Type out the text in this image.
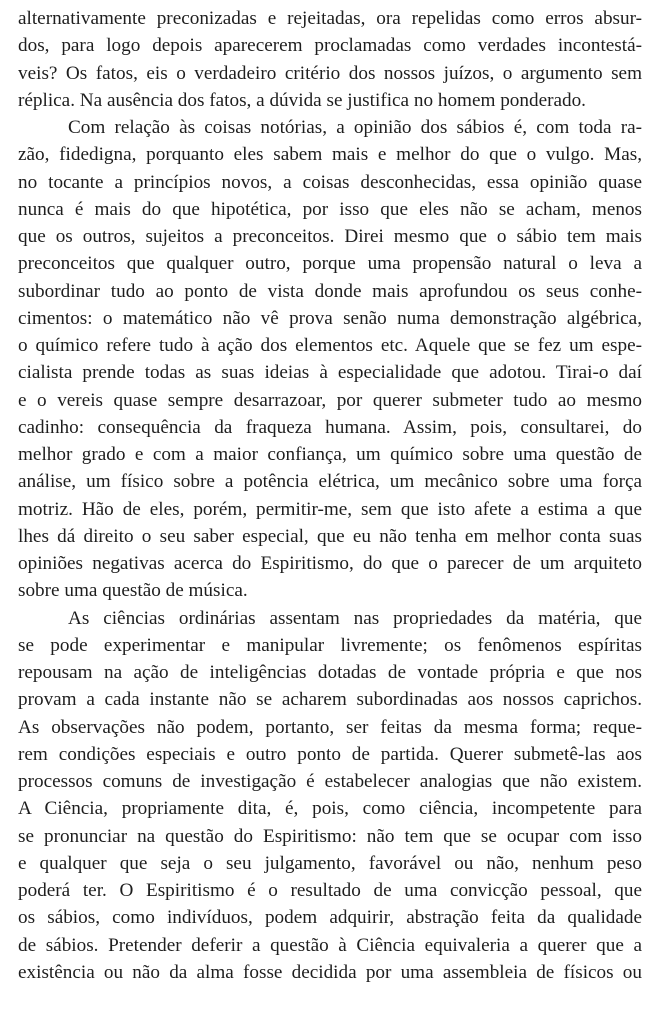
alternativamente preconizadas e rejeitadas, ora repelidas como erros absur-
dos, para logo depois aparecerem proclamadas como verdades incontestá-
veis? Os fatos, eis o verdadeiro critério dos nossos juízos, o argumento sem
réplica. Na ausência dos fatos, a dúvida se justifica no homem ponderado.
Com relação às coisas notórias, a opinião dos sábios é, com toda ra-
zão, fidedigna, porquanto eles sabem mais e melhor do que o vulgo. Mas,
no tocante a princípios novos, a coisas desconhecidas, essa opinião quase
nunca é mais do que hipotética, por isso que eles não se acham, menos
que os outros, sujeitos a preconceitos. Direi mesmo que o sábio tem mais
preconceitos que qualquer outro, porque uma propensão natural o leva a
subordinar tudo ao ponto de vista donde mais aprofundou os seus conhe-
cimentos: o matemático não vê prova senão numa demonstração algébrica,
o químico refere tudo à ação dos elementos etc. Aquele que se fez um espe-
cialista prende todas as suas ideias à especialidade que adotou. Tirai-o daí
e o vereis quase sempre desarrazoar, por querer submeter tudo ao mesmo
cadinho: consequência da fraqueza humana. Assim, pois, consultarei, do
melhor grado e com a maior confiança, um químico sobre uma questão de
análise, um físico sobre a potência elétrica, um mecânico sobre uma força
motriz. Hão de eles, porém, permitir-me, sem que isto afete a estima a que
lhes dá direito o seu saber especial, que eu não tenha em melhor conta suas
opiniões negativas acerca do Espiritismo, do que o parecer de um arquiteto
sobre uma questão de música.
As ciências ordinárias assentam nas propriedades da matéria, que
se pode experimentar e manipular livremente; os fenômenos espíritas
repousam na ação de inteligências dotadas de vontade própria e que nos
provam a cada instante não se acharem subordinadas aos nossos caprichos.
As observações não podem, portanto, ser feitas da mesma forma; reque-
rem condições especiais e outro ponto de partida. Querer submetê-las aos
processos comuns de investigação é estabelecer analogias que não existem.
A Ciência, propriamente dita, é, pois, como ciência, incompetente para
se pronunciar na questão do Espiritismo: não tem que se ocupar com isso
e qualquer que seja o seu julgamento, favorável ou não, nenhum peso
poderá ter. O Espiritismo é o resultado de uma convicção pessoal, que
os sábios, como indivíduos, podem adquirir, abstração feita da qualidade
de sábios. Pretender deferir a questão à Ciência equivaleria a querer que a
existência ou não da alma fosse decidida por uma assembleia de físicos ou
